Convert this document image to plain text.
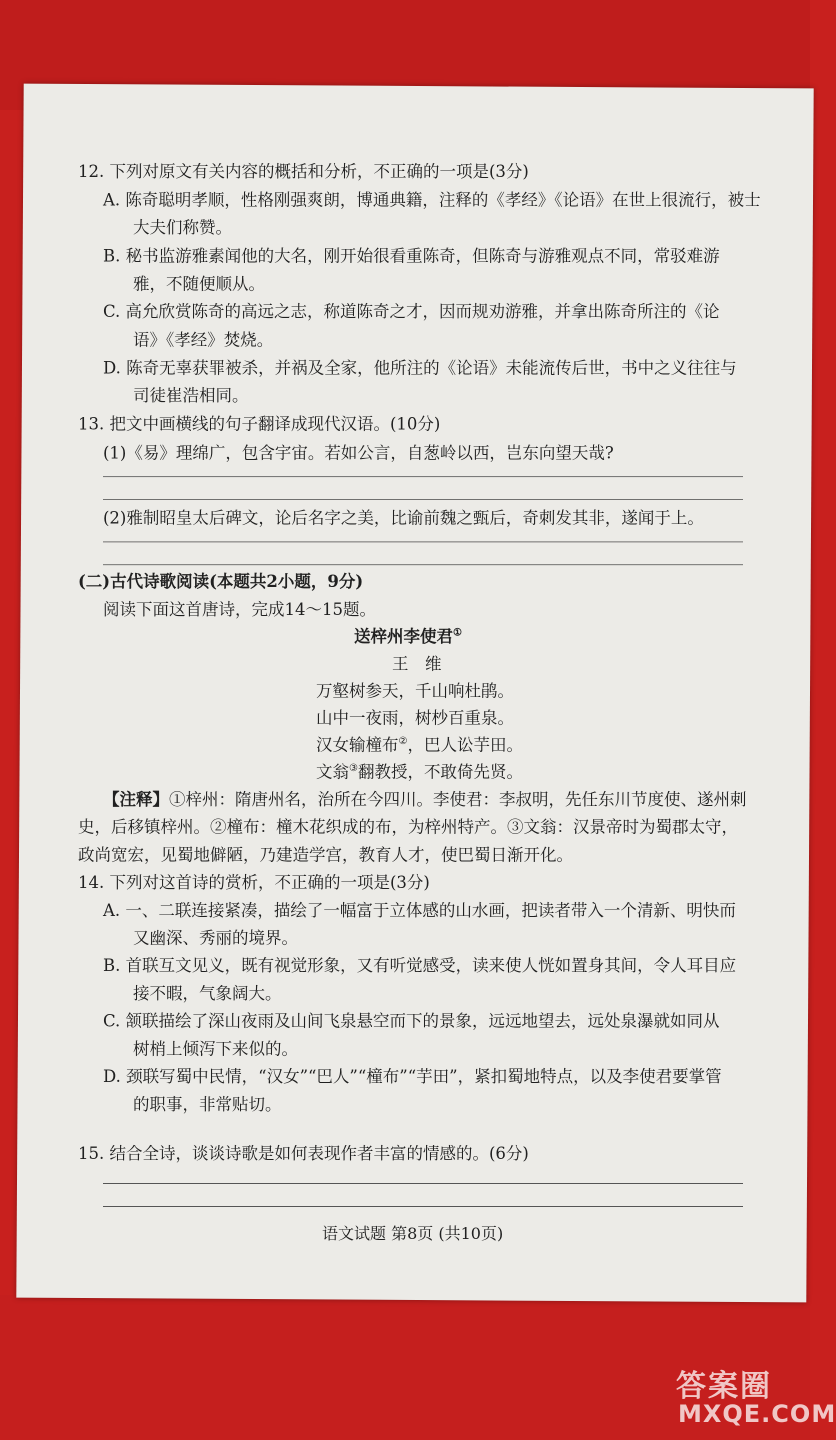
12. 下列对原文有关内容的概括和分析，不正确的一项是(3分)
A. 陈奇聪明孝顺，性格刚强爽朗，博通典籍，注释的《孝经》《论语》在世上很流行，被士
大夫们称赞。
B. 秘书监游雅素闻他的大名，刚开始很看重陈奇，但陈奇与游雅观点不同，常驳难游
雅，不随便顺从。
C. 高允欣赏陈奇的高远之志，称道陈奇之才，因而规劝游雅，并拿出陈奇所注的《论
语》《孝经》焚烧。
D. 陈奇无辜获罪被杀，并祸及全家，他所注的《论语》未能流传后世，书中之义往往与
司徒崔浩相同。
13. 把文中画横线的句子翻译成现代汉语。(10分)
(1)《易》理绵广，包含宇宙。若如公言，自葱岭以西，岂东向望天哉?
(2)雅制昭皇太后碑文，论后名字之美，比谕前魏之甄后，奇刺发其非，遂闻于上。
(二)古代诗歌阅读(本题共2小题，9分)
阅读下面这首唐诗，完成14～15题。
送梓州李使君①
王　维
万壑树参天，千山响杜鹃。
山中一夜雨，树杪百重泉。
汉女输橦布②，巴人讼芋田。
文翁③翻教授，不敢倚先贤。
【注释】①梓州：隋唐州名，治所在今四川。李使君：李叔明，先任东川节度使、遂州刺
史，后移镇梓州。②橦布：橦木花织成的布，为梓州特产。③文翁：汉景帝时为蜀郡太守，
政尚宽宏，见蜀地僻陋，乃建造学宫，教育人才，使巴蜀日渐开化。
14. 下列对这首诗的赏析，不正确的一项是(3分)
A. 一、二联连接紧凑，描绘了一幅富于立体感的山水画，把读者带入一个清新、明快而
又幽深、秀丽的境界。
B. 首联互文见义，既有视觉形象，又有听觉感受，读来使人恍如置身其间，令人耳目应
接不暇，气象阔大。
C. 颔联描绘了深山夜雨及山间飞泉悬空而下的景象，远远地望去，远处泉瀑就如同从
树梢上倾泻下来似的。
D. 颈联写蜀中民情，“汉女”“巴人”“橦布”“芋田”，紧扣蜀地特点，以及李使君要掌管
的职事，非常贴切。
15. 结合全诗，谈谈诗歌是如何表现作者丰富的情感的。(6分)
语文试题 第8页 (共10页)
答案圈
MXQE.COM
